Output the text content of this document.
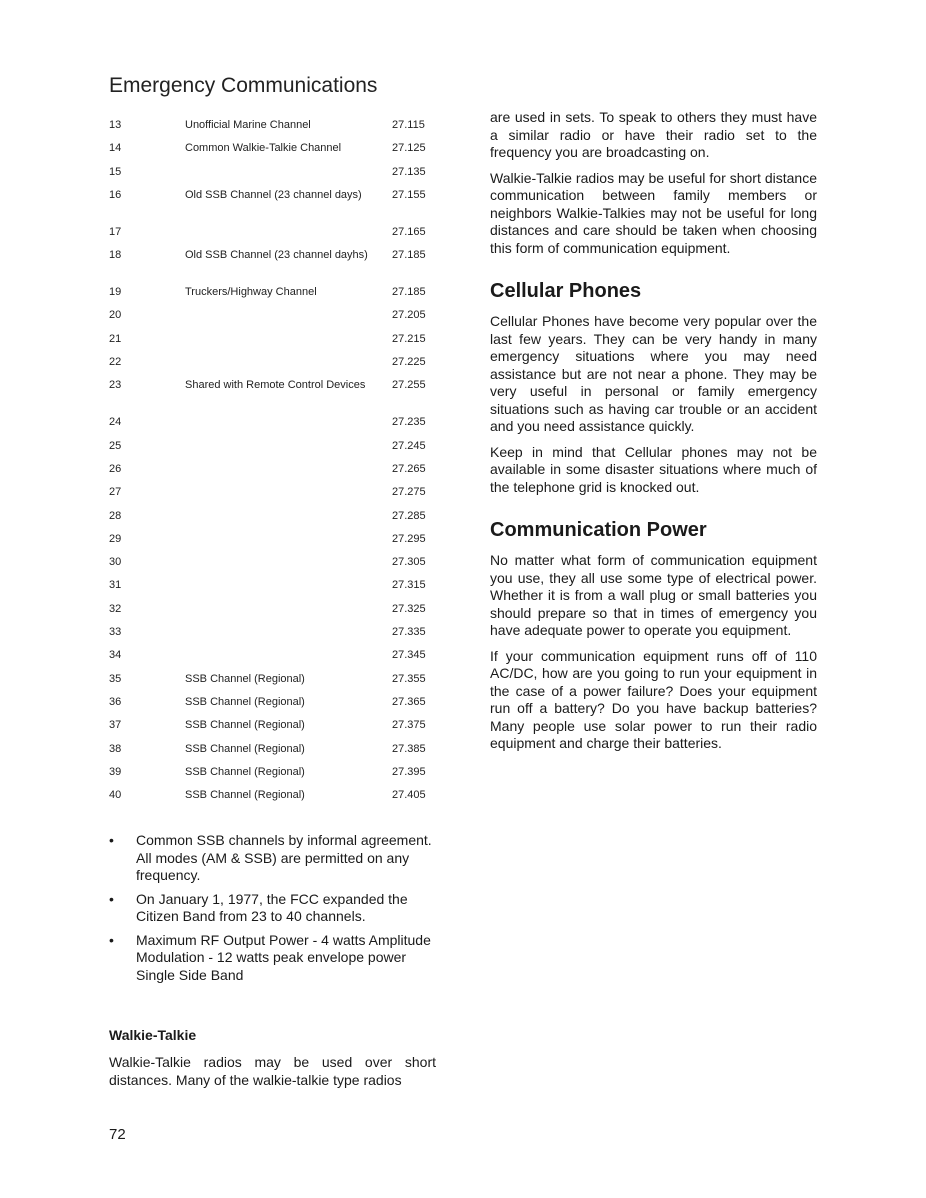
Emergency Communications
13	Unofficial Marine Channel	27.115
14	Common Walkie-Talkie Channel	27.125
15		27.135
16	Old SSB Channel (23 channel days)	27.155
17		27.165
18	Old SSB Channel (23 channel dayhs)	27.185
19	Truckers/Highway Channel	27.185
20		27.205
21		27.215
22		27.225
23	Shared with Remote Control Devices	27.255
24		27.235
25		27.245
26		27.265
27		27.275
28		27.285
29		27.295
30		27.305
31		27.315
32		27.325
33		27.335
34		27.345
35	SSB Channel (Regional)	27.355
36	SSB Channel (Regional)	27.365
37	SSB Channel (Regional)	27.375
38	SSB Channel (Regional)	27.385
39	SSB Channel (Regional)	27.395
40	SSB Channel (Regional)	27.405
• Common SSB channels by informal agreement. All modes (AM & SSB) are permitted on any frequency.
• On January 1, 1977, the FCC expanded the Citizen Band from 23 to 40 channels.
• Maximum RF Output Power - 4 watts Amplitude Modulation - 12 watts peak envelope power Single Side Band
Walkie-Talkie
Walkie-Talkie radios may be used over short distances. Many of the walkie-talkie type radios

are used in sets. To speak to others they must have a similar radio or have their radio set to the frequency you are broadcasting on.

Walkie-Talkie radios may be useful for short distance communication between family members or neighbors Walkie-Talkies may not be useful for long distances and care should be taken when choosing this form of communication equipment.

Cellular Phones

Cellular Phones have become very popular over the last few years. They can be very handy in many emergency situations where you may need assistance but are not near a phone. They may be very useful in personal or family emergency situations such as having car trouble or an accident and you need assistance quickly.

Keep in mind that Cellular phones may not be available in some disaster situations where much of the telephone grid is knocked out.

Communication Power

No matter what form of communication equipment you use, they all use some type of electrical power. Whether it is from a wall plug or small batteries you should prepare so that in times of emergency you have adequate power to operate you equipment.

If your communication equipment runs off of 110 AC/DC, how are you going to run your equipment in the case of a power failure? Does your equipment run off a battery? Do you have backup batteries? Many people use solar power to run their radio equipment and charge their batteries.

72
